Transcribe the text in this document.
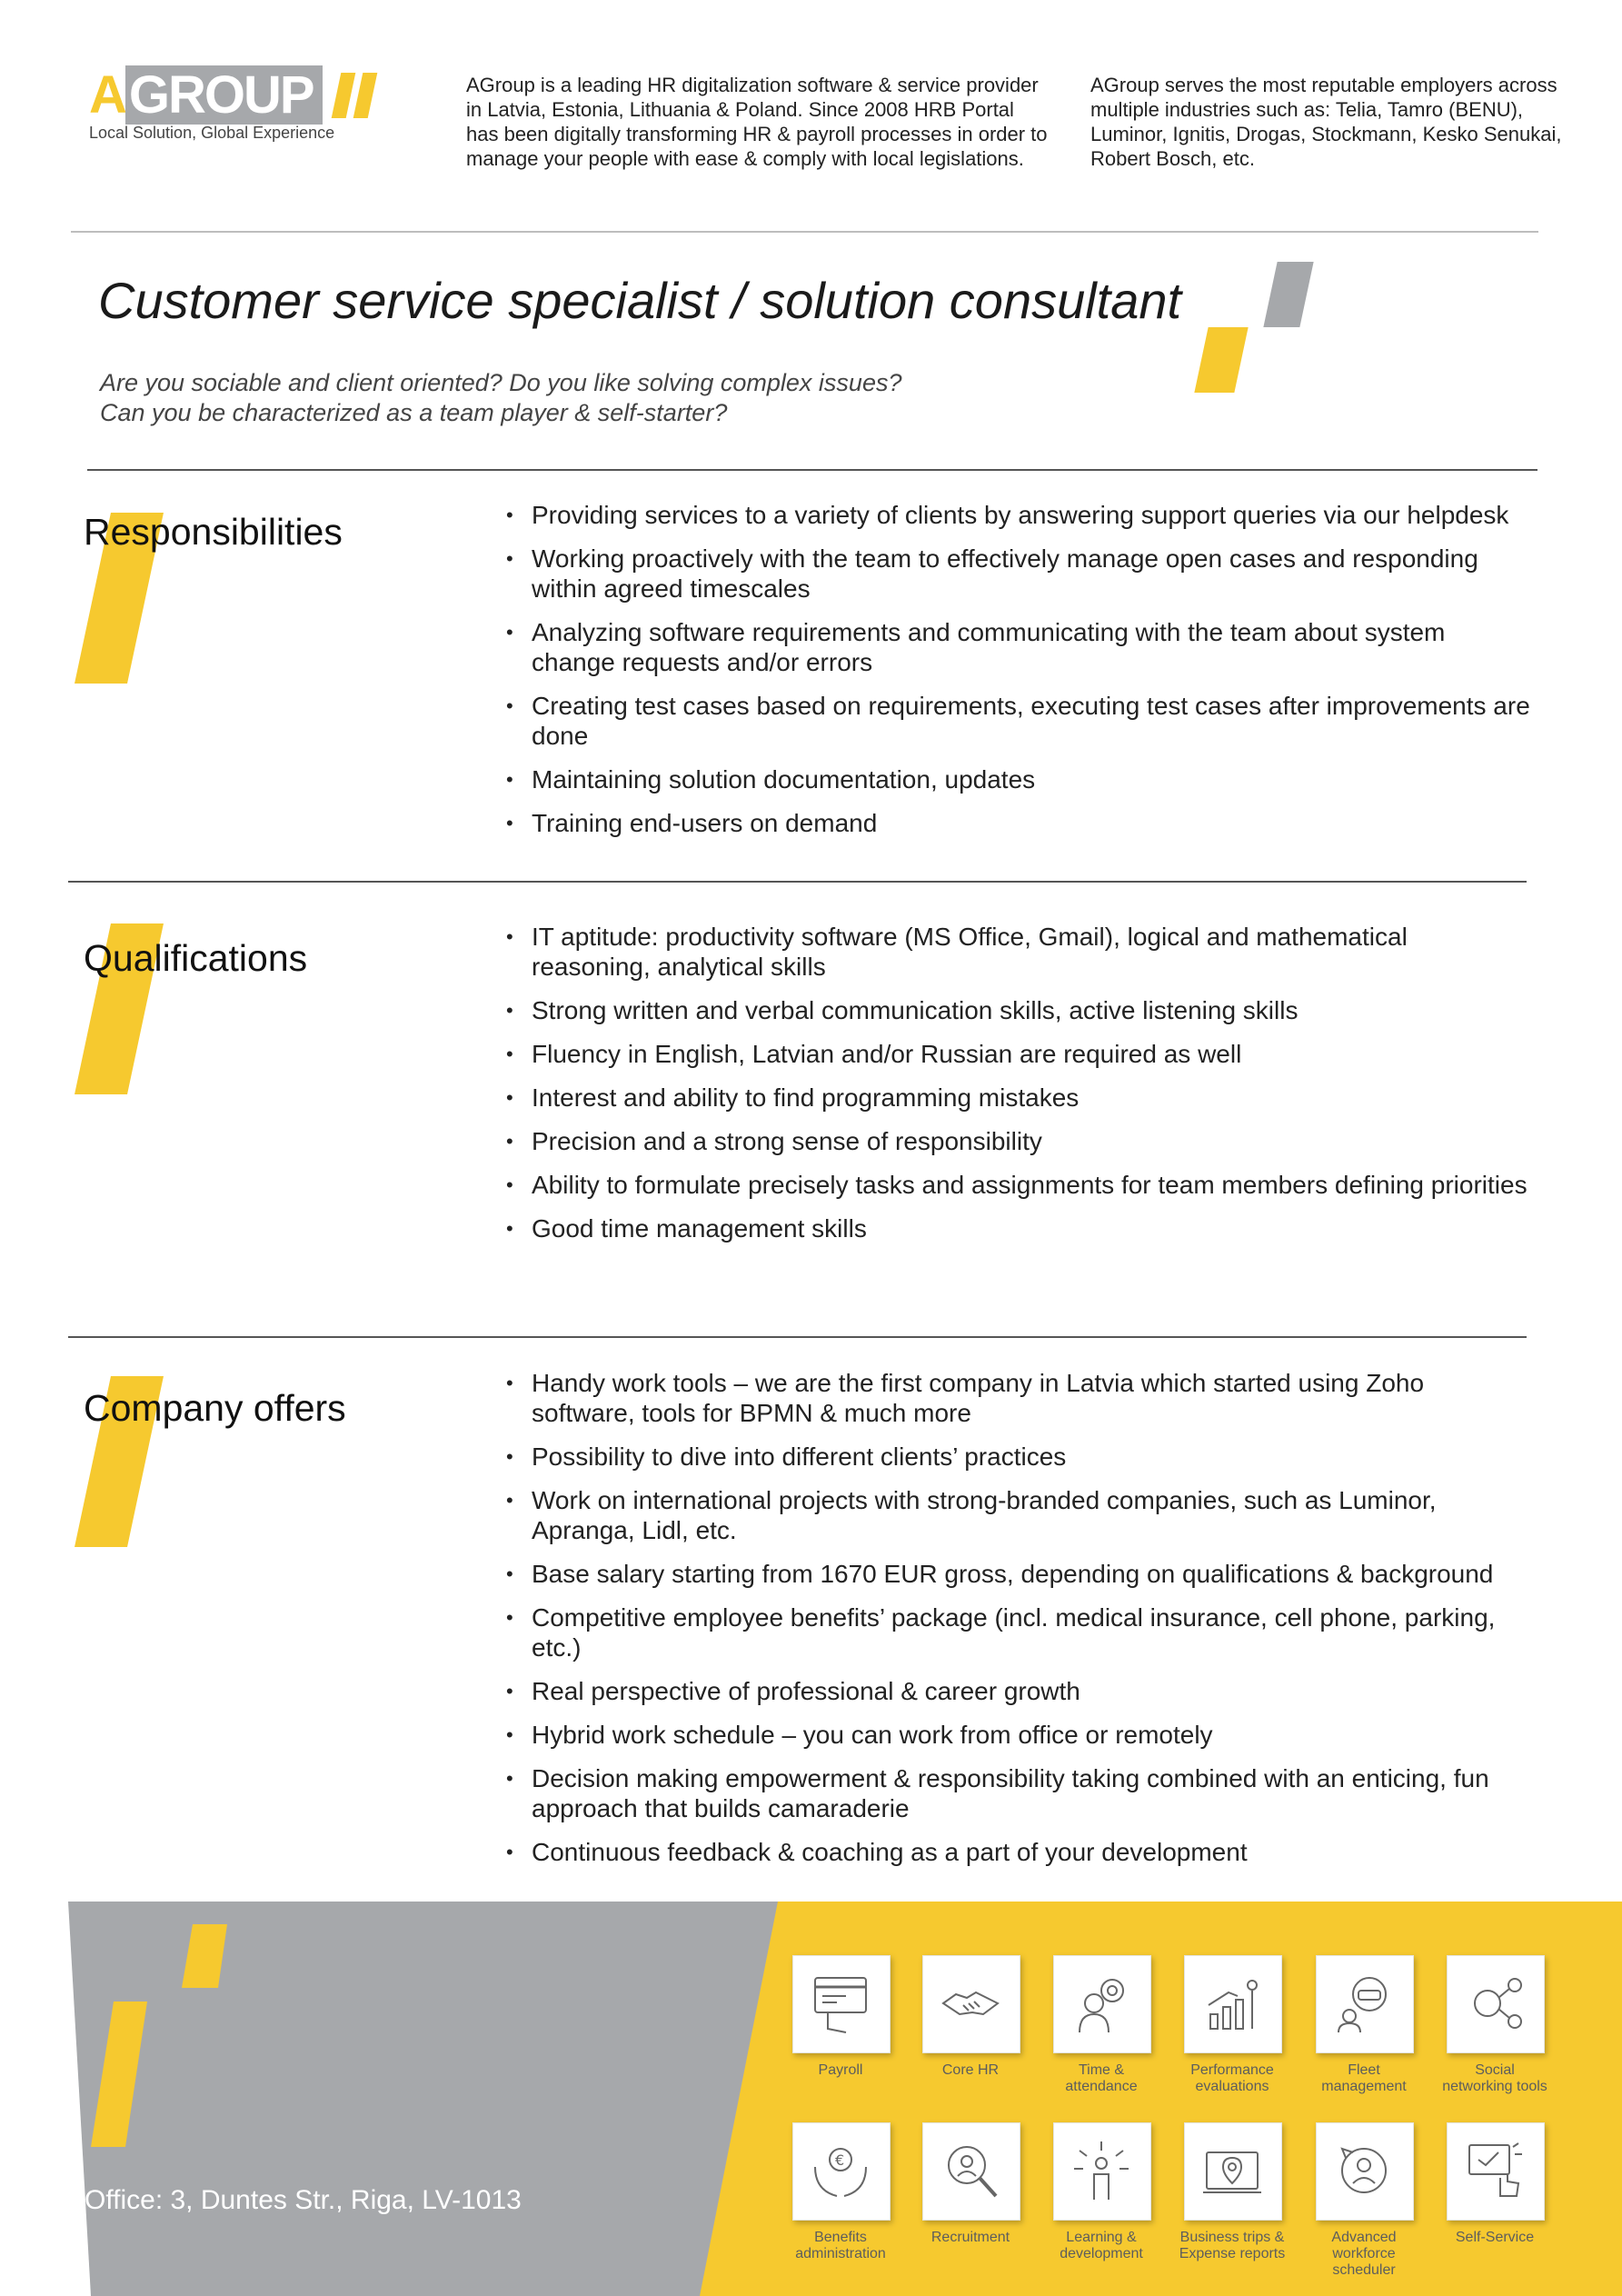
AGROUP
Local Solution, Global Experience
AGroup is a leading HR digitalization software & service provider in Latvia, Estonia, Lithuania & Poland. Since 2008 HRB Portal has been digitally transforming HR & payroll processes in order to manage your people with ease & comply with local legislations.
AGroup serves the most reputable employers across multiple industries such as: Telia, Tamro (BENU), Luminor, Ignitis, Drogas, Stockmann, Kesko Senukai, Robert Bosch, etc.
Customer service specialist / solution consultant
Are you sociable and client oriented? Do you like solving complex issues?
Can you be characterized as a team player & self-starter?
Responsibilities
•	Providing services to a variety of clients by answering support queries via our helpdesk
• Working proactively with the team to effectively manage open cases and responding within agreed timescales
• Analyzing software requirements and communicating with the team about system change requests and/or errors
• Creating test cases based on requirements, executing test cases after improvements are done
• Maintaining solution documentation, updates
• Training end-users on demand
Qualifications
• IT aptitude: productivity software (MS Office, Gmail), logical and mathematical reasoning, analytical skills
• Strong written and verbal communication skills, active listening skills
• Fluency in English, Latvian and/or Russian are required as well
• Interest and ability to find programming mistakes
• Precision and a strong sense of responsibility
• Ability to formulate precisely tasks and assignments for team members defining priorities
• Good time management skills
Company offers
• Handy work tools – we are the first company in Latvia which started using Zoho software, tools for BPMN & much more
• Possibility to dive into different clients’ practices
• Work on international projects with strong-branded companies, such as Luminor, Apranga, Lidl, etc.
• Base salary starting from 1670 EUR gross, depending on qualifications & background
• Competitive employee benefits’ package (incl. medical insurance, cell phone, parking, etc.)
• Real perspective of professional & career growth
• Hybrid work schedule – you can work from office or remotely
• Decision making empowerment & responsibility taking combined with an enticing, fun approach that builds camaraderie
• Continuous feedback & coaching as a part of your development
Office: 3, Duntes Str., Riga, LV-1013
Payroll	Core HR	Time &
attendance
Performance
evaluations
Fleet
management
Social
networking tools
€
Benefits
administration
Recruitment	Learning &
development
Business trips &
Expense reports
Advanced
workforce
scheduler
Self-Service
